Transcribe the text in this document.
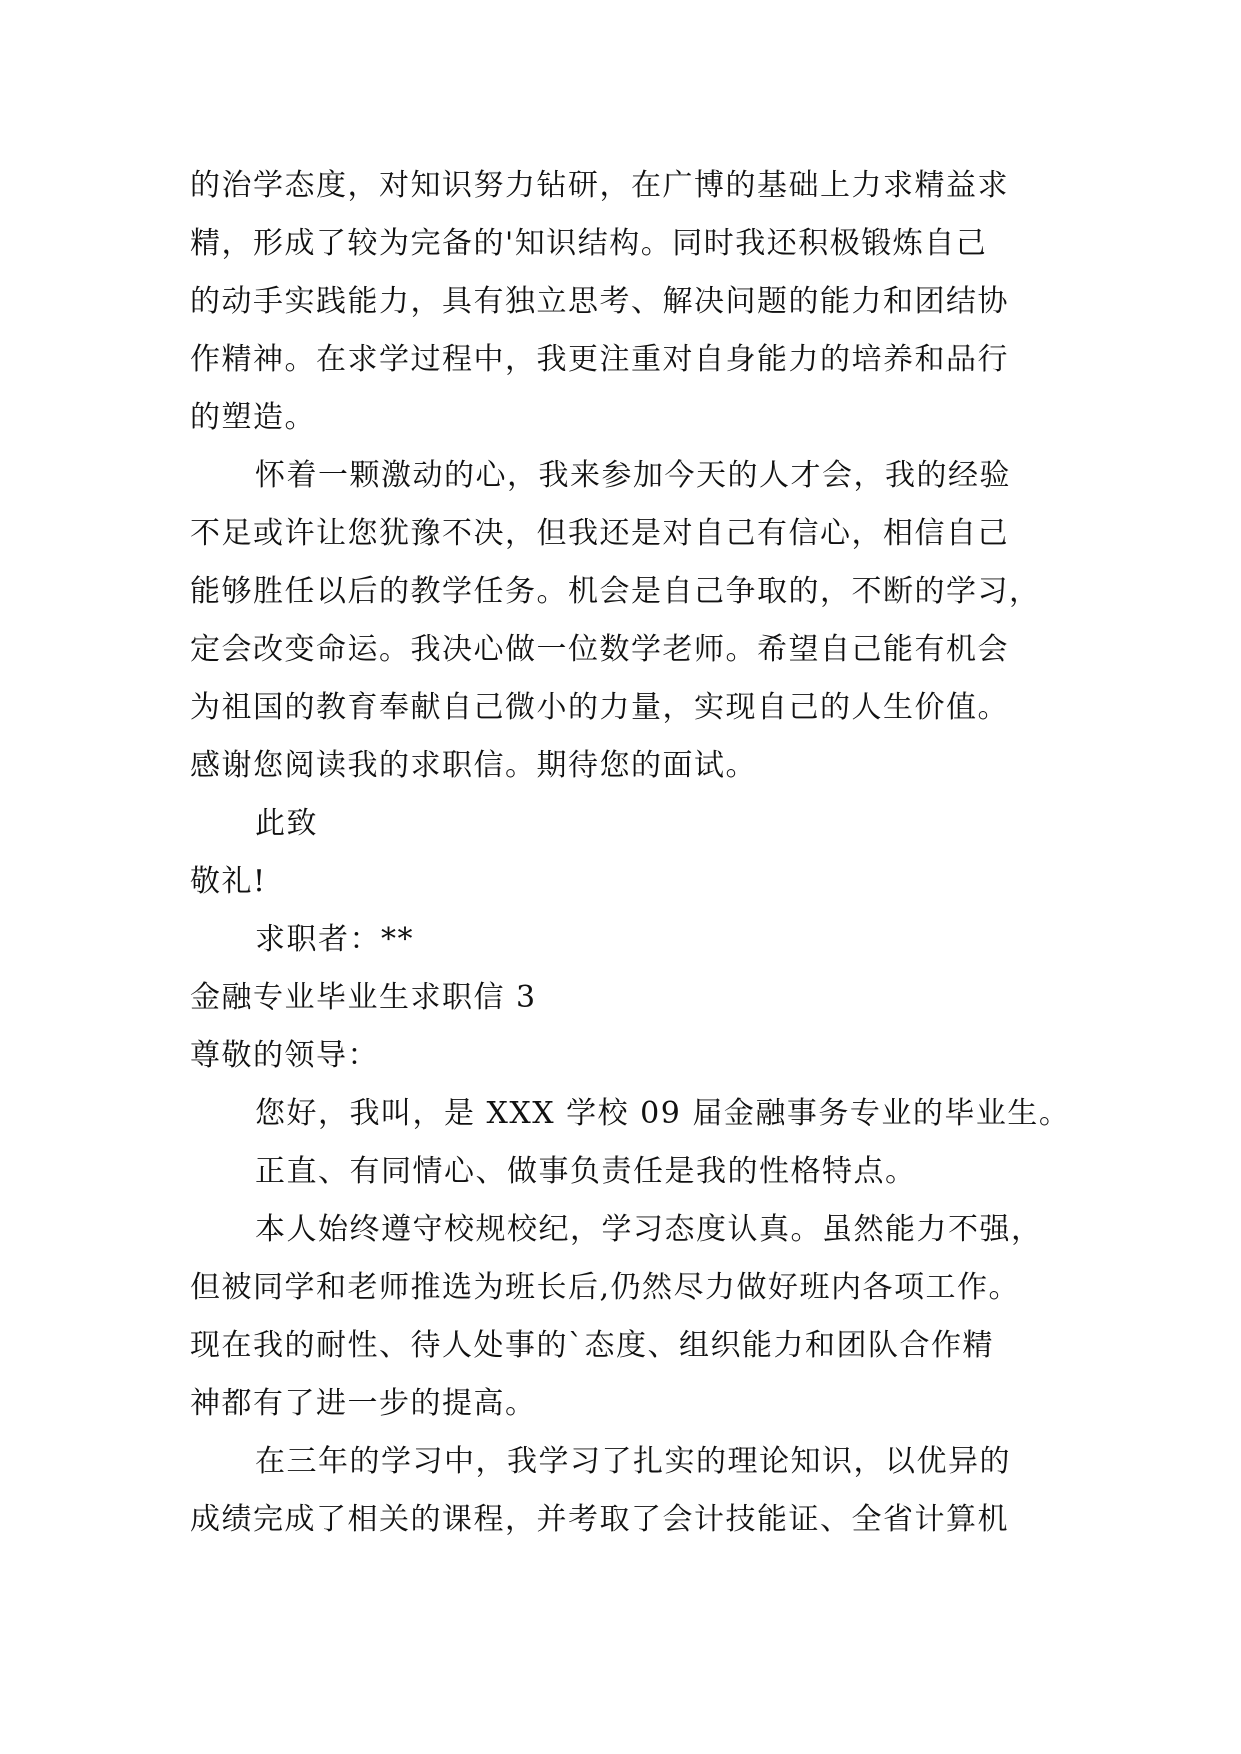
的治学态度，对知识努力钻研，在广博的基础上力求精益求
精，形成了较为完备的'知识结构。同时我还积极锻炼自己
的动手实践能力，具有独立思考、解决问题的能力和团结协
作精神。在求学过程中，我更注重对自身能力的培养和品行
的塑造。
怀着一颗激动的心，我来参加今天的人才会，我的经验
不足或许让您犹豫不决，但我还是对自己有信心，相信自己
能够胜任以后的教学任务。机会是自己争取的，不断的学习，
定会改变命运。我决心做一位数学老师。希望自己能有机会
为祖国的教育奉献自己微小的力量，实现自己的人生价值。
感谢您阅读我的求职信。期待您的面试。
此致
敬礼!
求职者：**
金融专业毕业生求职信 3
尊敬的领导：
您好，我叫，是 XXX 学校 09 届金融事务专业的毕业生。
正直、有同情心、做事负责任是我的性格特点。
本人始终遵守校规校纪，学习态度认真。虽然能力不强，
但被同学和老师推选为班长后,仍然尽力做好班内各项工作。
现在我的耐性、待人处事的`态度、组织能力和团队合作精
神都有了进一步的提高。
在三年的学习中，我学习了扎实的理论知识，以优异的
成绩完成了相关的课程，并考取了会计技能证、全省计算机
